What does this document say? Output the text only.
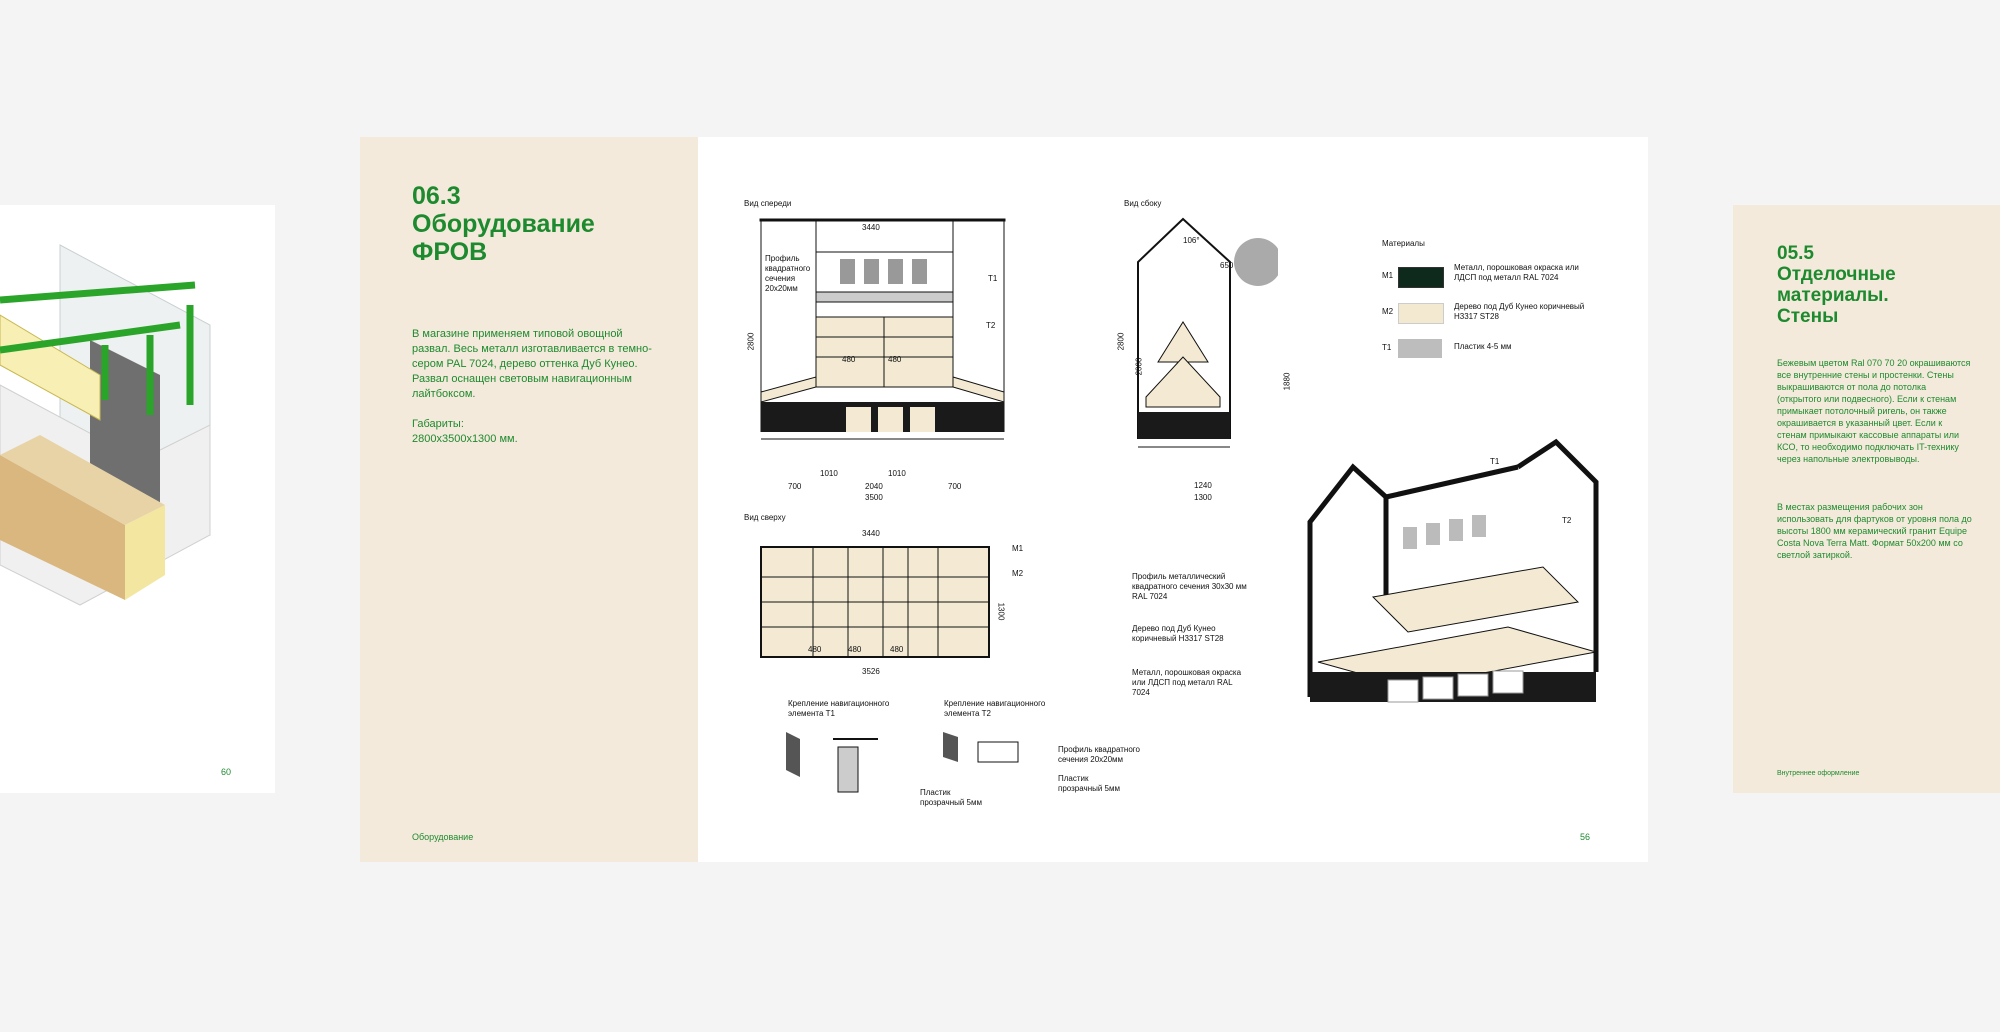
60

06.3

Оборудование

ФРОВ

В магазине применяем типовой овощной развал. Весь металл изготавливается в темно-сером PAL 7024, дерево оттенка Дуб Кунео. Развал оснащен световым навигационным лайтбоксом.
Габариты:
2800x3500x1300 мм.
Оборудование
Вид спереди
3440
Профиль квадратного сечения 20х20мм
T1
T2
2800
480	480
1010	1010
700	2040	700
3500
Вид сбоку
106°
650
2800
2000
1880
1240
1300
Материалы
M1
Металл, порошковая окраска или ЛДСП под металл RAL 7024
M2
Дерево под Дуб Кунео коричневый H3317 ST28
T1	Пластик 4-5 мм
Вид сверху
3440
M1
M2
1300
480	480	480
3526
Крепление навигационного элемента T1
Крепление навигационного элемента T2
Пластик прозрачный 5мм
Профиль квадратного сечения 20х20мм
Пластик прозрачный 5мм
T1
T2
Профиль металлический квадратного сечения 30х30 мм RAL 7024
Дерево под Дуб Кунео коричневый H3317 ST28
Металл, порошковая окраска или ЛДСП под металл RAL 7024
56

05.5

Отделочные

материалы.

Стены

Бежевым цветом Ral 070 70 20 окрашиваются все внутренние стены и простенки. Стены выкрашиваются от пола до потолка (открытого или подвесного). Если к стенам примыкает потолочный ригель, он также окрашивается в указанный цвет. Если к стенам примыкают кассовые аппараты или КСО, то необходимо подключать IT-технику через напольные электровыводы.
В местах размещения рабочих зон использовать для фартуков от уровня пола до высоты 1800 мм керамический гранит Equipe Costa Nova Terra Matt. Формат 50х200 мм со светлой затиркой.
Внутреннее оформление
